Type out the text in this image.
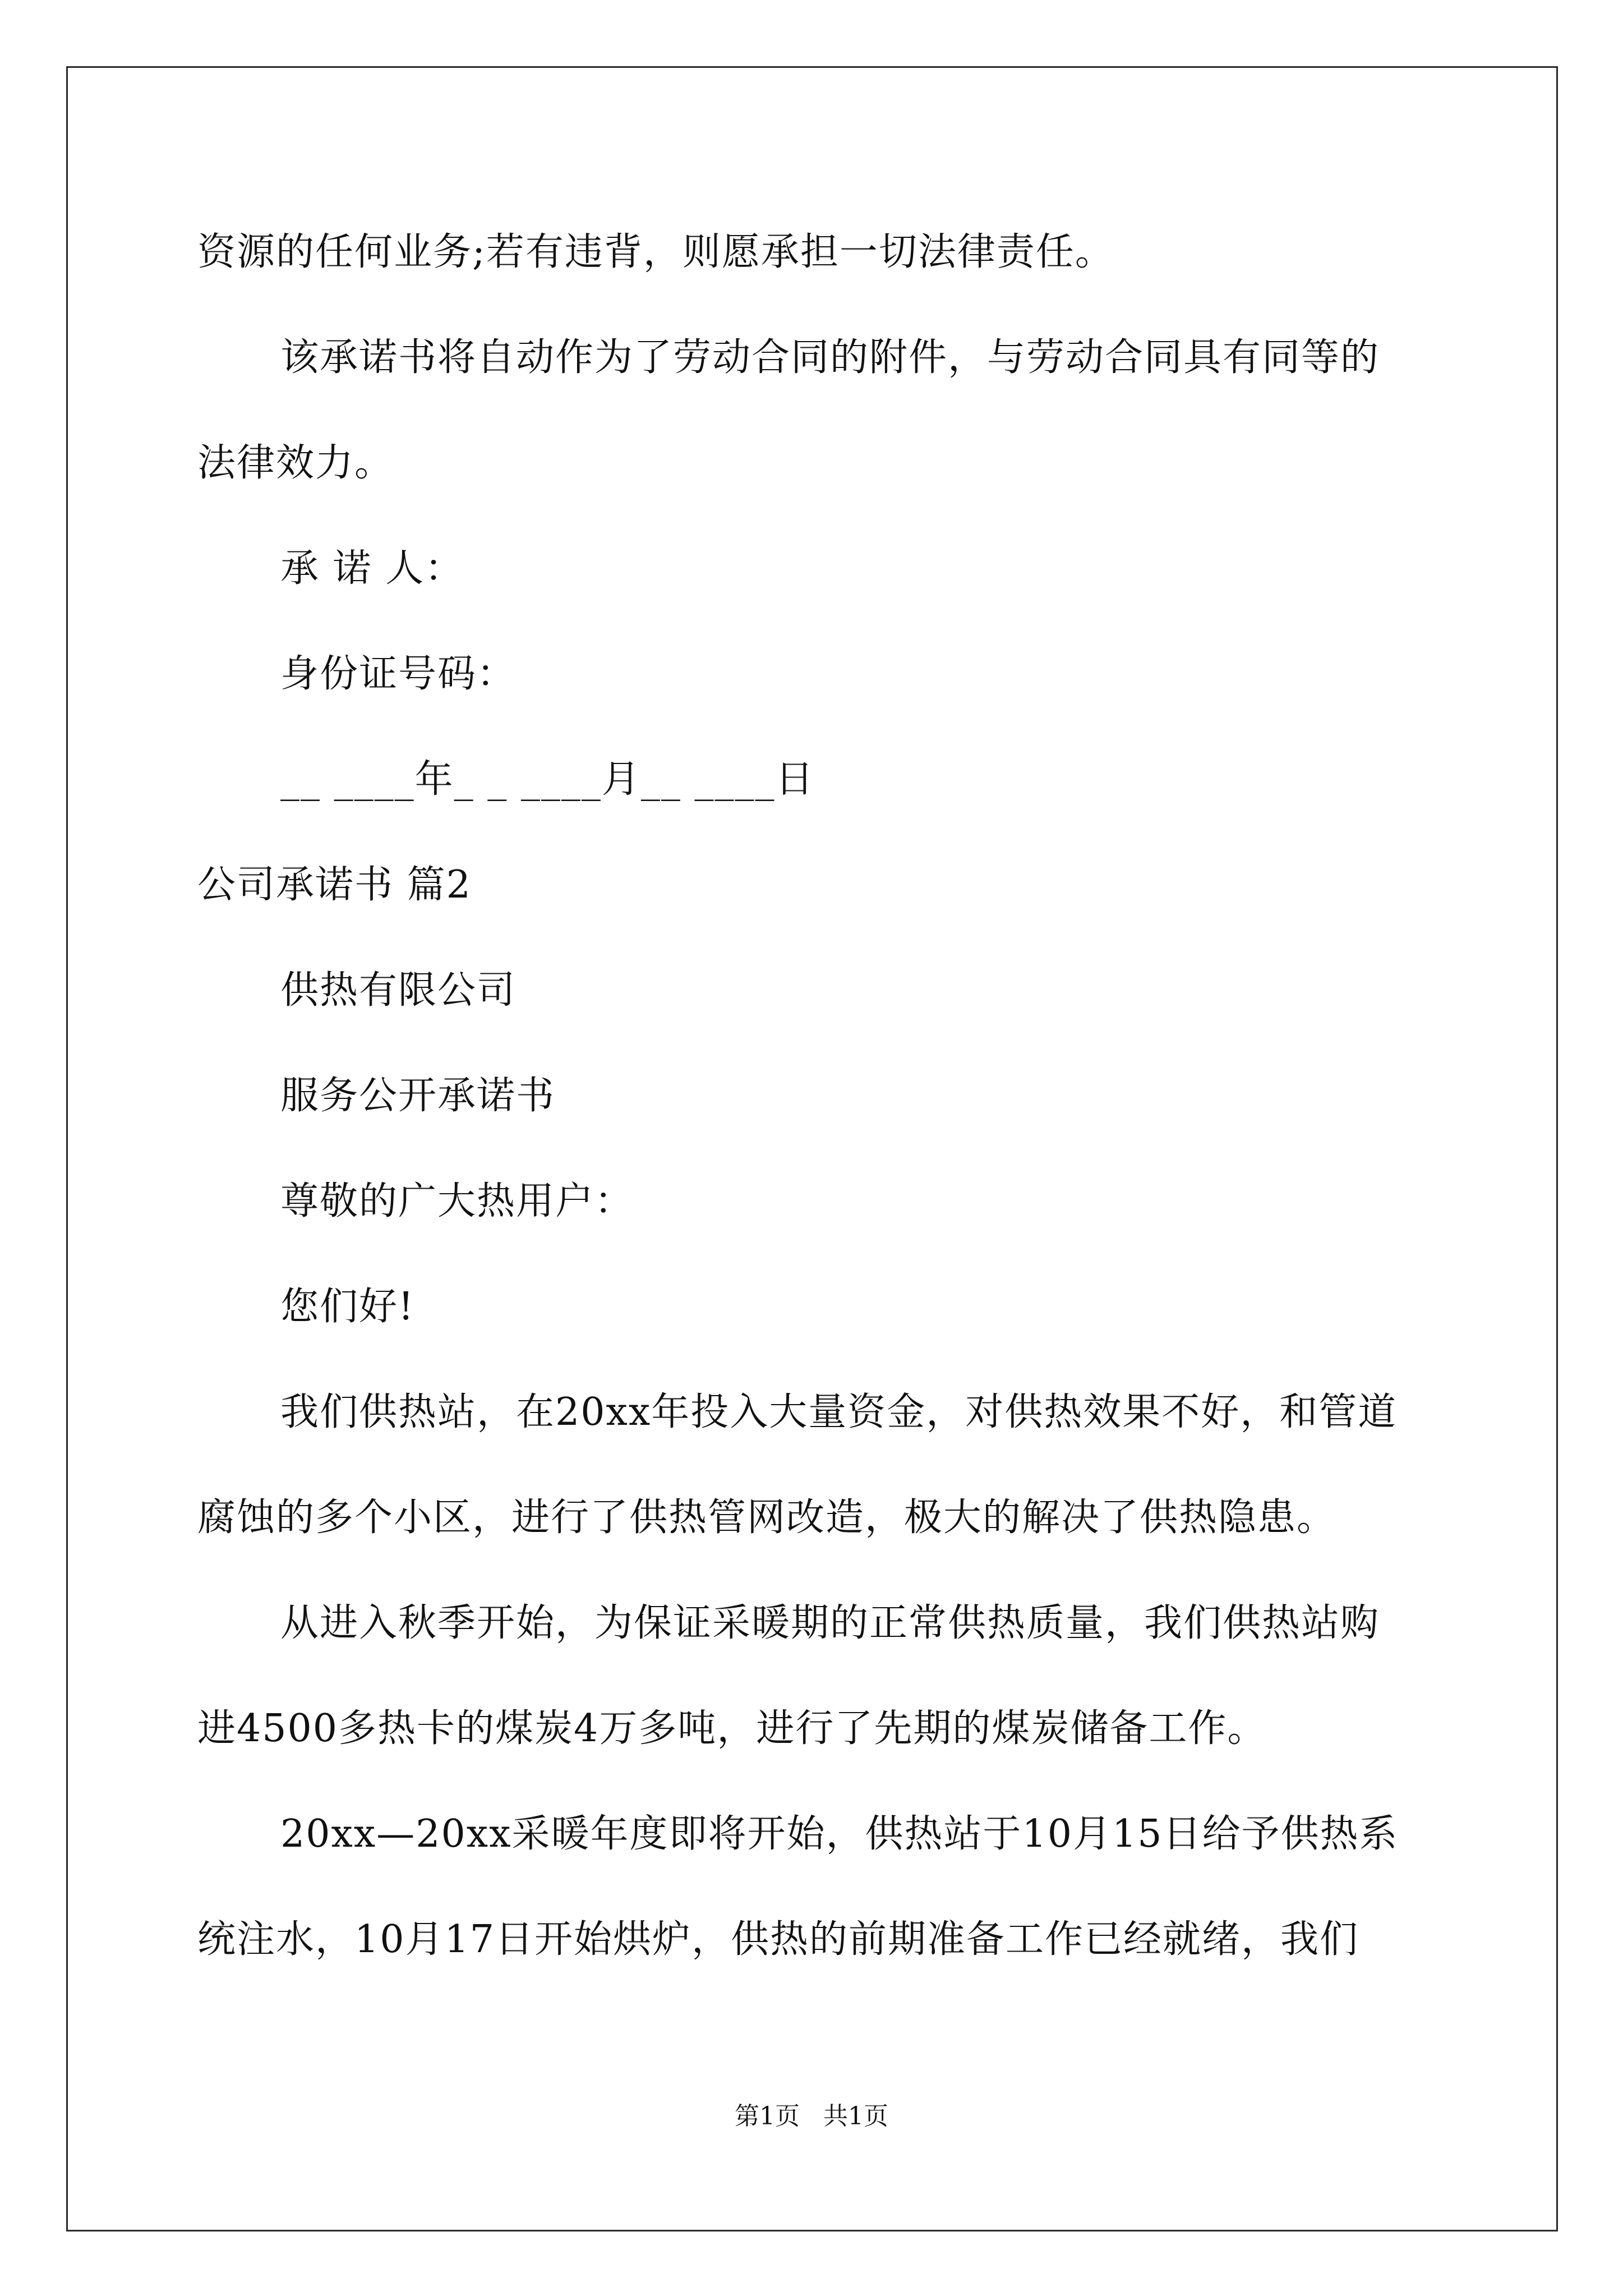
资源的任何业务;若有违背，则愿承担一切法律责任。
该承诺书将自动作为了劳动合同的附件，与劳动合同具有同等的
法律效力。
承 诺 人：
身份证号码：
__ ____年_ _ ____月__ ____日
公司承诺书 篇2
供热有限公司
服务公开承诺书
尊敬的广大热用户：
您们好!
我们供热站，在20xx年投入大量资金，对供热效果不好，和管道
腐蚀的多个小区，进行了供热管网改造，极大的解决了供热隐患。
从进入秋季开始，为保证采暖期的正常供热质量，我们供热站购
进4500多热卡的煤炭4万多吨，进行了先期的煤炭储备工作。
20xx—20xx采暖年度即将开始，供热站于10月15日给予供热系
统注水，10月17日开始烘炉，供热的前期准备工作已经就绪，我们
第1页   共1页
